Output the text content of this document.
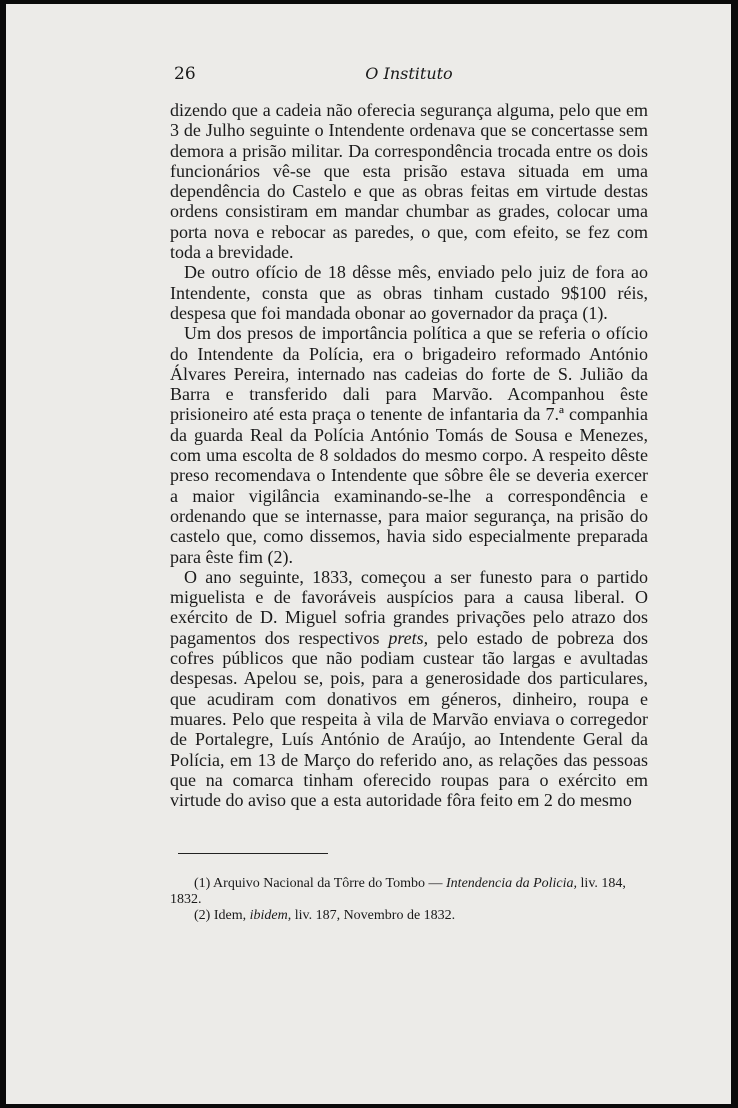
26	O Instituto

dizendo que a cadeia não oferecia segurança alguma, pelo que em 3 de Julho seguinte o Intendente ordenava que se concertasse sem demora a prisão militar. Da correspondência trocada entre os dois funcionários vê-se que esta prisão estava situada em uma dependência do Castelo e que as obras feitas em virtude destas ordens consistiram em mandar chumbar as grades, colocar uma porta nova e rebocar as paredes, o que, com efeito, se fez com toda a brevidade.

De outro ofício de 18 dêsse mês, enviado pelo juiz de fora ao Intendente, consta que as obras tinham custado 9$100 réis, despesa que foi mandada obonar ao governador da praça (1).

Um dos presos de importância política a que se referia o ofício do Intendente da Polícia, era o brigadeiro reformado António Álvares Pereira, internado nas cadeias do forte de S. Julião da Barra e transferido dali para Marvão. Acompanhou êste prisioneiro até esta praça o tenente de infantaria da 7.ª companhia da guarda Real da Polícia António Tomás de Sousa e Menezes, com uma escolta de 8 soldados do mesmo corpo. A respeito dêste preso recomendava o Intendente que sôbre êle se deveria exercer a maior vigilância examinando-se-lhe a correspondência e ordenando que se internasse, para maior segurança, na prisão do castelo que, como dissemos, havia sido especialmente preparada para êste fim (2).

O ano seguinte, 1833, começou a ser funesto para o partido miguelista e de favoráveis auspícios para a causa liberal. O exército de D. Miguel sofria grandes privações pelo atrazo dos pagamentos dos respectivos prets, pelo estado de pobreza dos cofres públicos que não podiam custear tão largas e avultadas despesas. Apelou se, pois, para a generosidade dos particulares, que acudiram com donativos em géneros, dinheiro, roupa e muares. Pelo que respeita à vila de Marvão enviava o corregedor de Portalegre, Luís António de Araújo, ao Intendente Geral da Polícia, em 13 de Março do referido ano, as relações das pessoas que na comarca tinham oferecido roupas para o exército em virtude do aviso que a esta autoridade fôra feito em 2 do mesmo

(1) Arquivo Nacional da Tôrre do Tombo — Intendencia da Policia, liv. 184, 1832.
(2) Idem, ibidem, liv. 187, Novembro de 1832.
